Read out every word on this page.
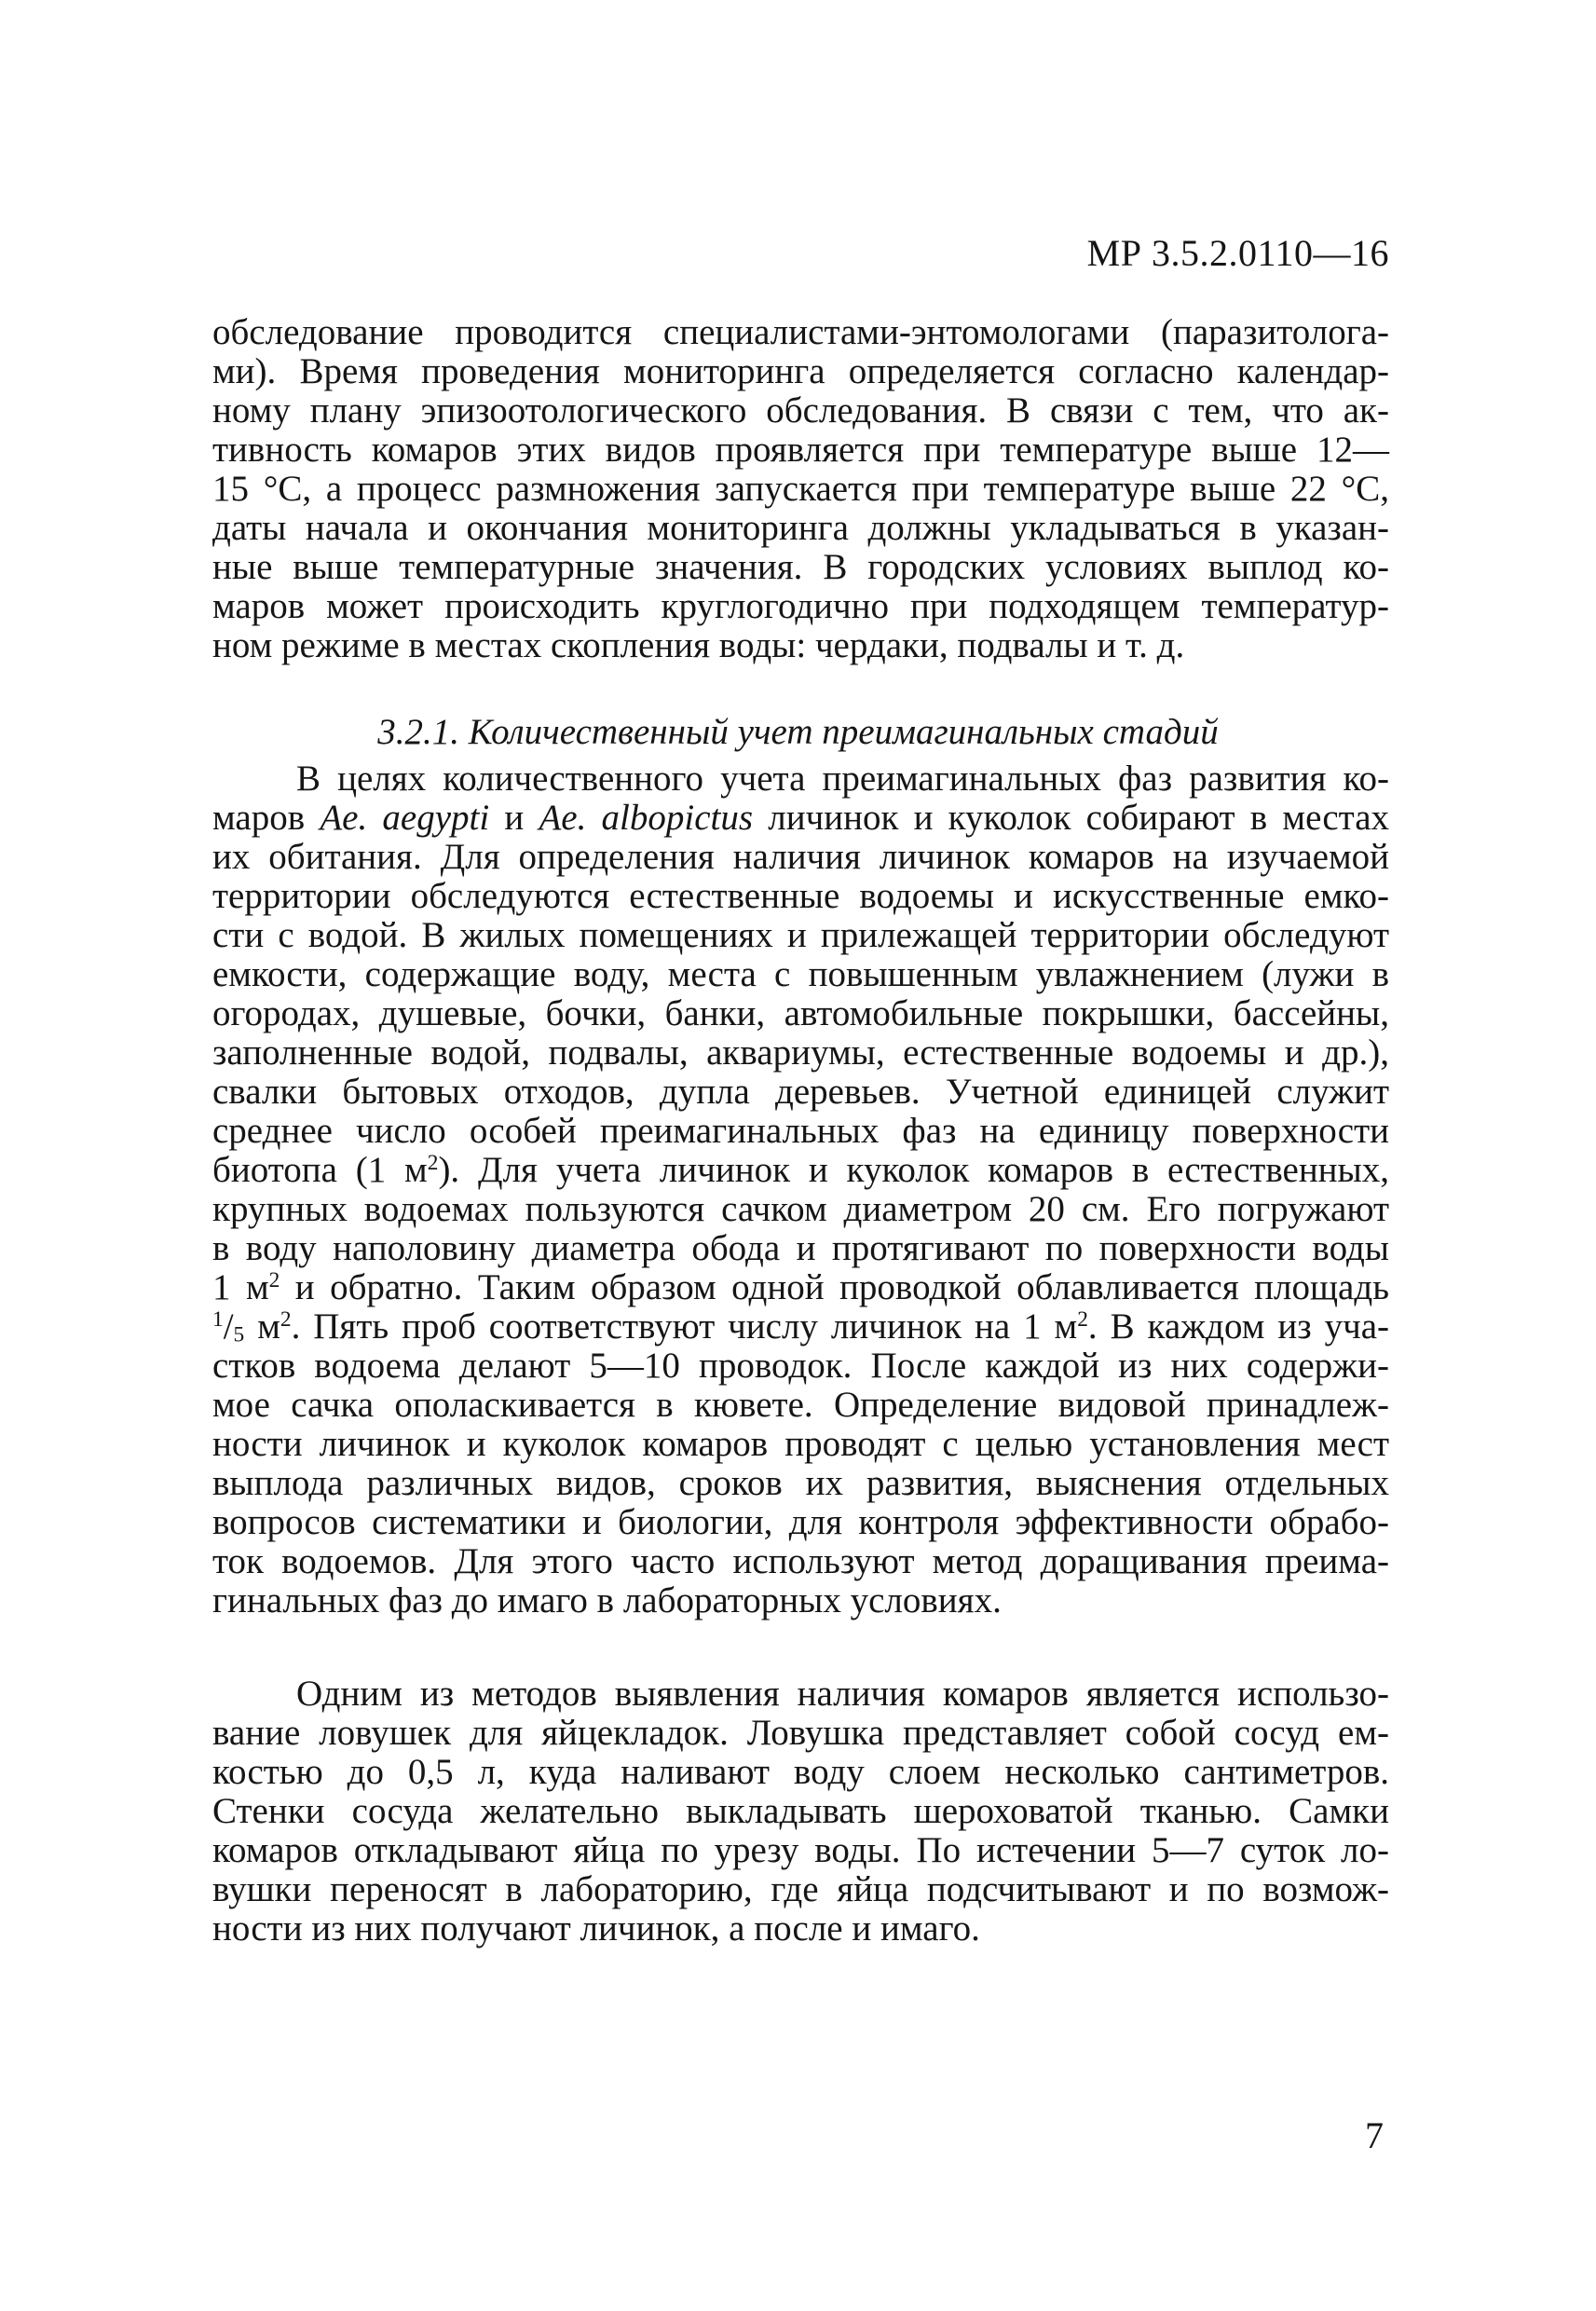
МР 3.5.2.0110—16

обследование проводится специалистами-энтомологами (паразитолога-
ми). Время проведения мониторинга определяется согласно календар-
ному плану эпизоотологического обследования. В связи с тем, что ак-
тивность комаров этих видов проявляется при температуре выше 12—
15 °С, а процесс размножения запускается при температуре выше 22 °С,
даты начала и окончания мониторинга должны укладываться в указан-
ные выше температурные значения. В городских условиях выплод ко-
маров может происходить круглогодично при подходящем температур-
ном режиме в местах скопления воды: чердаки, подвалы и т. д.

3.2.1. Количественный учет преимагинальных стадий

В целях количественного учета преимагинальных фаз развития ко-
маров Ae. aegypti и Ae. albopictus личинок и куколок собирают в местах
их обитания. Для определения наличия личинок комаров на изучаемой
территории обследуются естественные водоемы и искусственные емко-
сти с водой. В жилых помещениях и прилежащей территории обследуют
емкости, содержащие воду, места с повышенным увлажнением (лужи в
огородах, душевые, бочки, банки, автомобильные покрышки, бассейны,
заполненные водой, подвалы, аквариумы, естественные водоемы и др.),
свалки бытовых отходов, дупла деревьев. Учетной единицей служит
среднее число особей преимагинальных фаз на единицу поверхности
биотопа (1 $м^2$). Для учета личинок и куколок комаров в естественных,
крупных водоемах пользуются сачком диаметром 20 см. Его погружают
в воду наполовину диаметра обода и протягивают по поверхности воды
1 $м^2$ и обратно. Таким образом одной проводкой облавливается площадь
$^1/_5$ $м^2$. Пять проб соответствуют числу личинок на 1 $м^2$. В каждом из уча-
стков водоема делают 5—10 проводок. После каждой из них содержи-
мое сачка ополаскивается в кювете. Определение видовой принадлеж-
ности личинок и куколок комаров проводят с целью установления мест
выплода различных видов, сроков их развития, выяснения отдельных
вопросов систематики и биологии, для контроля эффективности обрабо-
ток водоемов. Для этого часто используют метод доращивания преима-
гинальных фаз до имаго в лабораторных условиях.

Одним из методов выявления наличия комаров является использо-
вание ловушек для яйцекладок. Ловушка представляет собой сосуд ем-
костью до 0,5 л, куда наливают воду слоем несколько сантиметров.
Стенки сосуда желательно выкладывать шероховатой тканью. Самки
комаров откладывают яйца по урезу воды. По истечении 5—7 суток ло-
вушки переносят в лабораторию, где яйца подсчитывают и по возмож-
ности из них получают личинок, а после и имаго.

7
